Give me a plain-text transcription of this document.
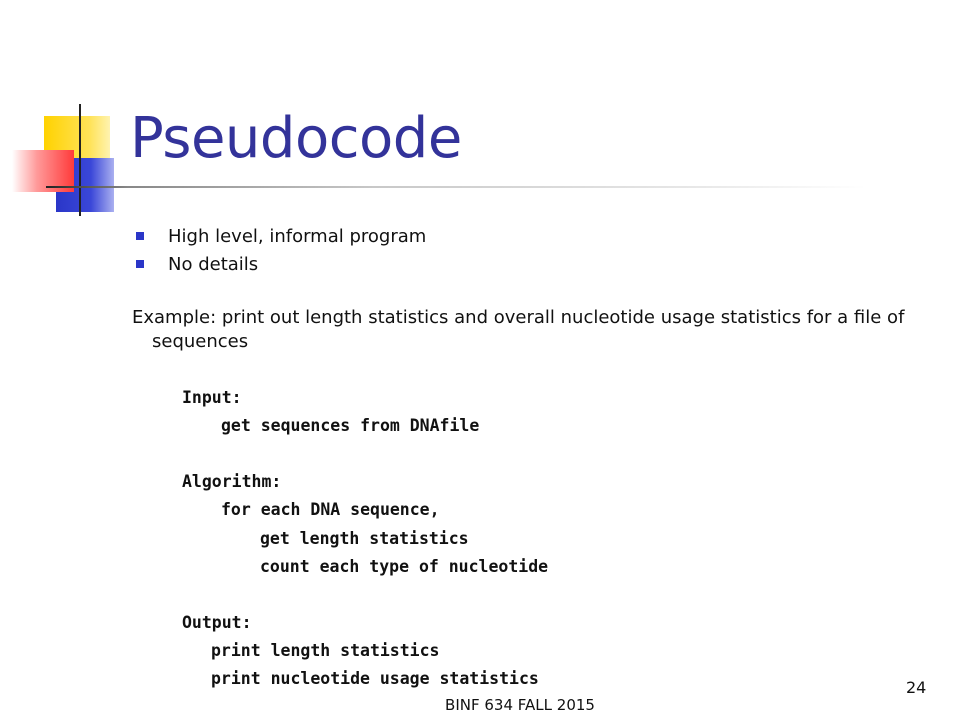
Pseudocode
High level, informal program
No details
Example: print out length statistics and overall nucleotide usage statistics for a file of sequences
Input:
get sequences from DNAfile
Algorithm:
for each DNA sequence,
get length statistics
count each type of nucleotide
Output:
print length statistics
print nucleotide usage statistics
BINF 634 FALL 2015
24
